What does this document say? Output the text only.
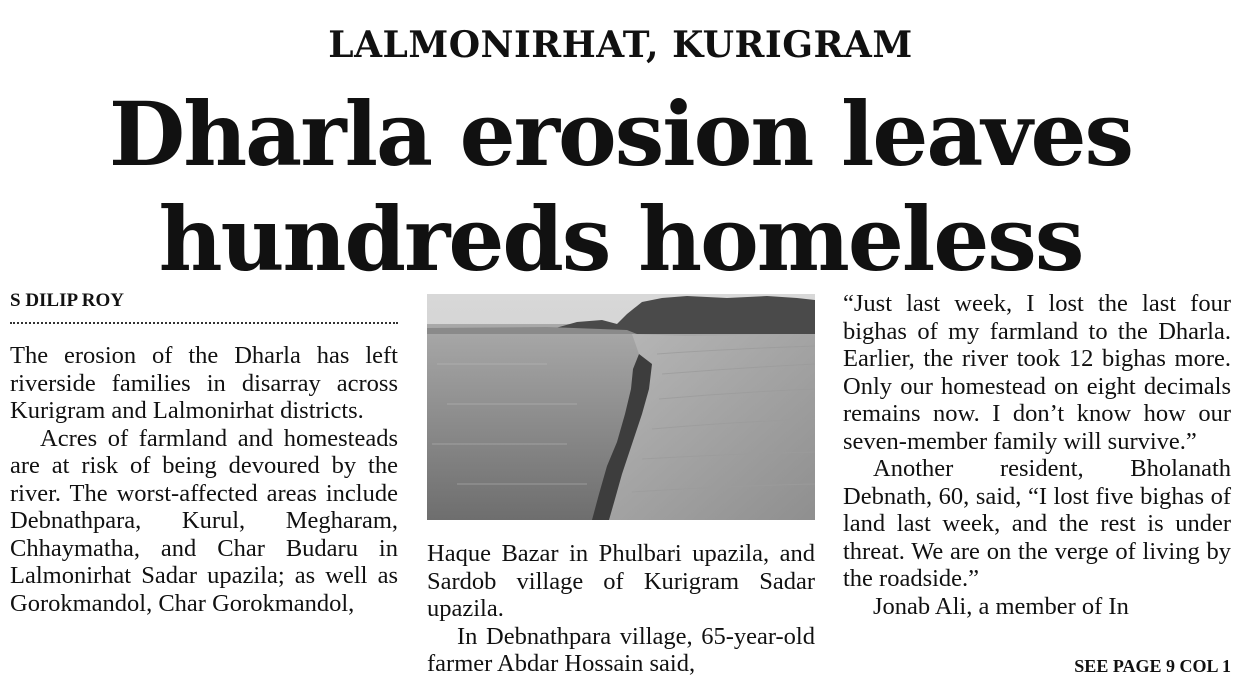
LALMONIRHAT, KURIGRAM
Dharla erosion leaves
hundreds homeless
S DILIP ROY

The erosion of the Dharla has left riverside families in disarray across Kurigram and Lalmonirhat districts.

Acres of farmland and homesteads are at risk of being devoured by the river. The worst-affected areas include Debnathpara, Kurul, Megharam, Chhaymatha, and Char Budaru in Lalmonirhat Sadar upazila; as well as Gorokmandol, Char Gorokmandol,

Haque Bazar in Phulbari upazila, and Sardob village of Kurigram Sadar upazila.

In Debnathpara village, 65-year-old farmer Abdar Hossain said,

“Just last week, I lost the last four bighas of my farmland to the Dharla. Earlier, the river took 12 bighas more. Only our homestead on eight decimals remains now. I don’t know how our seven-member family will survive.”

Another resident, Bholanath Debnath, 60, said, “I lost five bighas of land last week, and the rest is under threat. We are on the verge of living by the roadside.”

Jonab Ali, a member of In

SEE PAGE 9 COL 1
